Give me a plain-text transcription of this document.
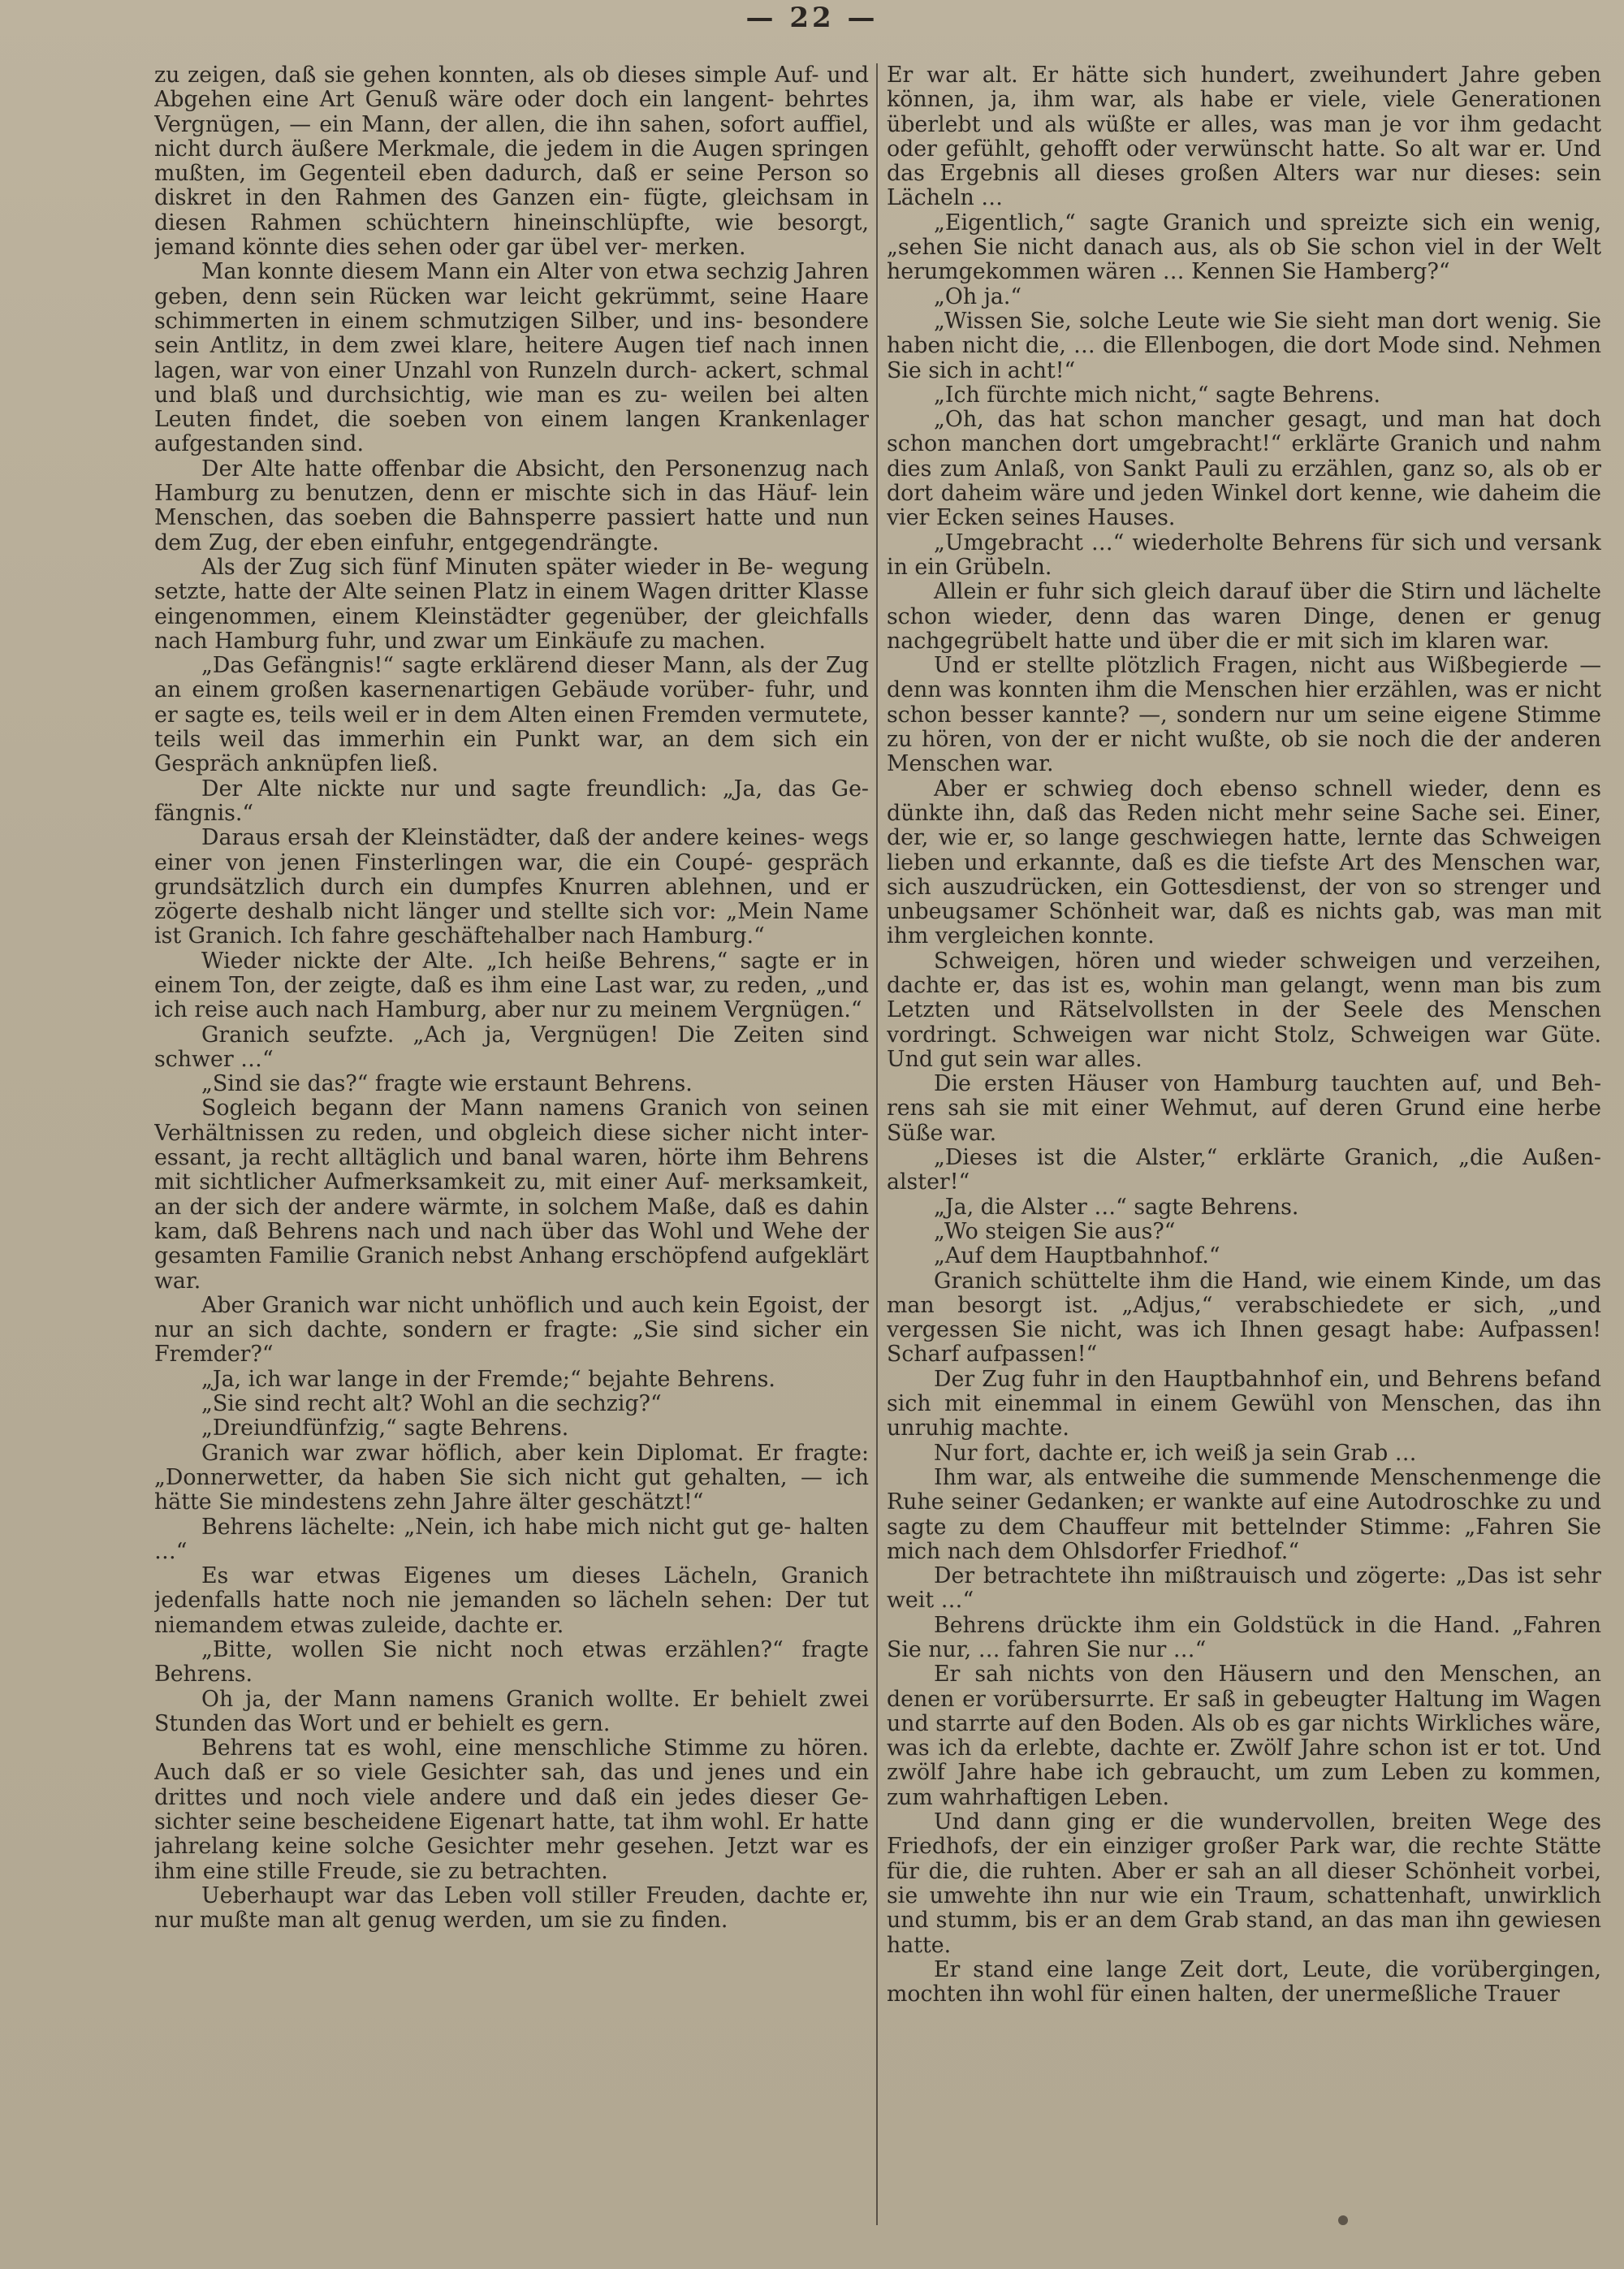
— 22 —

zu zeigen, daß sie gehen konnten, als ob dieses simple Auf- und Abgehen eine Art Genuß wäre oder doch ein langent- behrtes Vergnügen, — ein Mann, der allen, die ihn sahen, sofort auffiel, nicht durch äußere Merkmale, die jedem in die Augen springen mußten, im Gegenteil eben dadurch, daß er seine Person so diskret in den Rahmen des Ganzen ein- fügte, gleichsam in diesen Rahmen schüchtern hineinschlüpfte, wie besorgt, jemand könnte dies sehen oder gar übel ver- merken.

Man konnte diesem Mann ein Alter von etwa sechzig Jahren geben, denn sein Rücken war leicht gekrümmt, seine Haare schimmerten in einem schmutzigen Silber, und ins- besondere sein Antlitz, in dem zwei klare, heitere Augen tief nach innen lagen, war von einer Unzahl von Runzeln durch- ackert, schmal und blaß und durchsichtig, wie man es zu- weilen bei alten Leuten findet, die soeben von einem langen Krankenlager aufgestanden sind.

Der Alte hatte offenbar die Absicht, den Personenzug nach Hamburg zu benutzen, denn er mischte sich in das Häuf- lein Menschen, das soeben die Bahnsperre passiert hatte und nun dem Zug, der eben einfuhr, entgegendrängte.

Als der Zug sich fünf Minuten später wieder in Be- wegung setzte, hatte der Alte seinen Platz in einem Wagen dritter Klasse eingenommen, einem Kleinstädter gegenüber, der gleichfalls nach Hamburg fuhr, und zwar um Einkäufe zu machen.

„Das Gefängnis!“ sagte erklärend dieser Mann, als der Zug an einem großen kasernenartigen Gebäude vorüber- fuhr, und er sagte es, teils weil er in dem Alten einen Fremden vermutete, teils weil das immerhin ein Punkt war, an dem sich ein Gespräch anknüpfen ließ.

Der Alte nickte nur und sagte freundlich: „Ja, das Ge- fängnis.“

Daraus ersah der Kleinstädter, daß der andere keines- wegs einer von jenen Finsterlingen war, die ein Coupé- gespräch grundsätzlich durch ein dumpfes Knurren ablehnen, und er zögerte deshalb nicht länger und stellte sich vor: „Mein Name ist Granich. Ich fahre geschäftehalber nach Hamburg.“

Wieder nickte der Alte. „Ich heiße Behrens,“ sagte er in einem Ton, der zeigte, daß es ihm eine Last war, zu reden, „und ich reise auch nach Hamburg, aber nur zu meinem Vergnügen.“

Granich seufzte. „Ach ja, Vergnügen! Die Zeiten sind schwer …“

„Sind sie das?“ fragte wie erstaunt Behrens.

Sogleich begann der Mann namens Granich von seinen Verhältnissen zu reden, und obgleich diese sicher nicht inter- essant, ja recht alltäglich und banal waren, hörte ihm Behrens mit sichtlicher Aufmerksamkeit zu, mit einer Auf- merksamkeit, an der sich der andere wärmte, in solchem Maße, daß es dahin kam, daß Behrens nach und nach über das Wohl und Wehe der gesamten Familie Granich nebst Anhang erschöpfend aufgeklärt war.

Aber Granich war nicht unhöflich und auch kein Egoist, der nur an sich dachte, sondern er fragte: „Sie sind sicher ein Fremder?“

„Ja, ich war lange in der Fremde;“ bejahte Behrens.

„Sie sind recht alt? Wohl an die sechzig?“

„Dreiundfünfzig,“ sagte Behrens.

Granich war zwar höflich, aber kein Diplomat. Er fragte: „Donnerwetter, da haben Sie sich nicht gut gehalten, — ich hätte Sie mindestens zehn Jahre älter geschätzt!“

Behrens lächelte: „Nein, ich habe mich nicht gut ge- halten …“

Es war etwas Eigenes um dieses Lächeln, Granich jedenfalls hatte noch nie jemanden so lächeln sehen: Der tut niemandem etwas zuleide, dachte er.

„Bitte, wollen Sie nicht noch etwas erzählen?“ fragte Behrens.

Oh ja, der Mann namens Granich wollte. Er behielt zwei Stunden das Wort und er behielt es gern.

Behrens tat es wohl, eine menschliche Stimme zu hören. Auch daß er so viele Gesichter sah, das und jenes und ein drittes und noch viele andere und daß ein jedes dieser Ge- sichter seine bescheidene Eigenart hatte, tat ihm wohl. Er hatte jahrelang keine solche Gesichter mehr gesehen. Jetzt war es ihm eine stille Freude, sie zu betrachten.

Ueberhaupt war das Leben voll stiller Freuden, dachte er, nur mußte man alt genug werden, um sie zu finden.

Er war alt. Er hätte sich hundert, zweihundert Jahre geben können, ja, ihm war, als habe er viele, viele Generationen überlebt und als wüßte er alles, was man je vor ihm gedacht oder gefühlt, gehofft oder verwünscht hatte. So alt war er. Und das Ergebnis all dieses großen Alters war nur dieses: sein Lächeln …

„Eigentlich,“ sagte Granich und spreizte sich ein wenig, „sehen Sie nicht danach aus, als ob Sie schon viel in der Welt herumgekommen wären … Kennen Sie Hamberg?“

„Oh ja.“

„Wissen Sie, solche Leute wie Sie sieht man dort wenig. Sie haben nicht die, … die Ellenbogen, die dort Mode sind. Nehmen Sie sich in acht!“

„Ich fürchte mich nicht,“ sagte Behrens.

„Oh, das hat schon mancher gesagt, und man hat doch schon manchen dort umgebracht!“ erklärte Granich und nahm dies zum Anlaß, von Sankt Pauli zu erzählen, ganz so, als ob er dort daheim wäre und jeden Winkel dort kenne, wie daheim die vier Ecken seines Hauses.

„Umgebracht …“ wiederholte Behrens für sich und versank in ein Grübeln.

Allein er fuhr sich gleich darauf über die Stirn und lächelte schon wieder, denn das waren Dinge, denen er genug nachgegrübelt hatte und über die er mit sich im klaren war.

Und er stellte plötzlich Fragen, nicht aus Wißbegierde — denn was konnten ihm die Menschen hier erzählen, was er nicht schon besser kannte? —, sondern nur um seine eigene Stimme zu hören, von der er nicht wußte, ob sie noch die der anderen Menschen war.

Aber er schwieg doch ebenso schnell wieder, denn es dünkte ihn, daß das Reden nicht mehr seine Sache sei. Einer, der, wie er, so lange geschwiegen hatte, lernte das Schweigen lieben und erkannte, daß es die tiefste Art des Menschen war, sich auszudrücken, ein Gottesdienst, der von so strenger und unbeugsamer Schönheit war, daß es nichts gab, was man mit ihm vergleichen konnte.

Schweigen, hören und wieder schweigen und verzeihen, dachte er, das ist es, wohin man gelangt, wenn man bis zum Letzten und Rätselvollsten in der Seele des Menschen vordringt. Schweigen war nicht Stolz, Schweigen war Güte. Und gut sein war alles.

Die ersten Häuser von Hamburg tauchten auf, und Beh- rens sah sie mit einer Wehmut, auf deren Grund eine herbe Süße war.

„Dieses ist die Alster,“ erklärte Granich, „die Außen- alster!“

„Ja, die Alster …“ sagte Behrens.

„Wo steigen Sie aus?“

„Auf dem Hauptbahnhof.“

Granich schüttelte ihm die Hand, wie einem Kinde, um das man besorgt ist. „Adjus,“ verabschiedete er sich, „und vergessen Sie nicht, was ich Ihnen gesagt habe: Aufpassen! Scharf aufpassen!“

Der Zug fuhr in den Hauptbahnhof ein, und Behrens befand sich mit einemmal in einem Gewühl von Menschen, das ihn unruhig machte.

Nur fort, dachte er, ich weiß ja sein Grab …

Ihm war, als entweihe die summende Menschenmenge die Ruhe seiner Gedanken; er wankte auf eine Autodroschke zu und sagte zu dem Chauffeur mit bettelnder Stimme: „Fahren Sie mich nach dem Ohlsdorfer Friedhof.“

Der betrachtete ihn mißtrauisch und zögerte: „Das ist sehr weit …“

Behrens drückte ihm ein Goldstück in die Hand. „Fahren Sie nur, … fahren Sie nur …“

Er sah nichts von den Häusern und den Menschen, an denen er vorübersurrte. Er saß in gebeugter Haltung im Wagen und starrte auf den Boden. Als ob es gar nichts Wirkliches wäre, was ich da erlebte, dachte er. Zwölf Jahre schon ist er tot. Und zwölf Jahre habe ich gebraucht, um zum Leben zu kommen, zum wahrhaftigen Leben.

Und dann ging er die wundervollen, breiten Wege des Friedhofs, der ein einziger großer Park war, die rechte Stätte für die, die ruhten. Aber er sah an all dieser Schönheit vorbei, sie umwehte ihn nur wie ein Traum, schattenhaft, unwirklich und stumm, bis er an dem Grab stand, an das man ihn gewiesen hatte.

Er stand eine lange Zeit dort, Leute, die vorübergingen, mochten ihn wohl für einen halten, der unermeßliche Trauer
